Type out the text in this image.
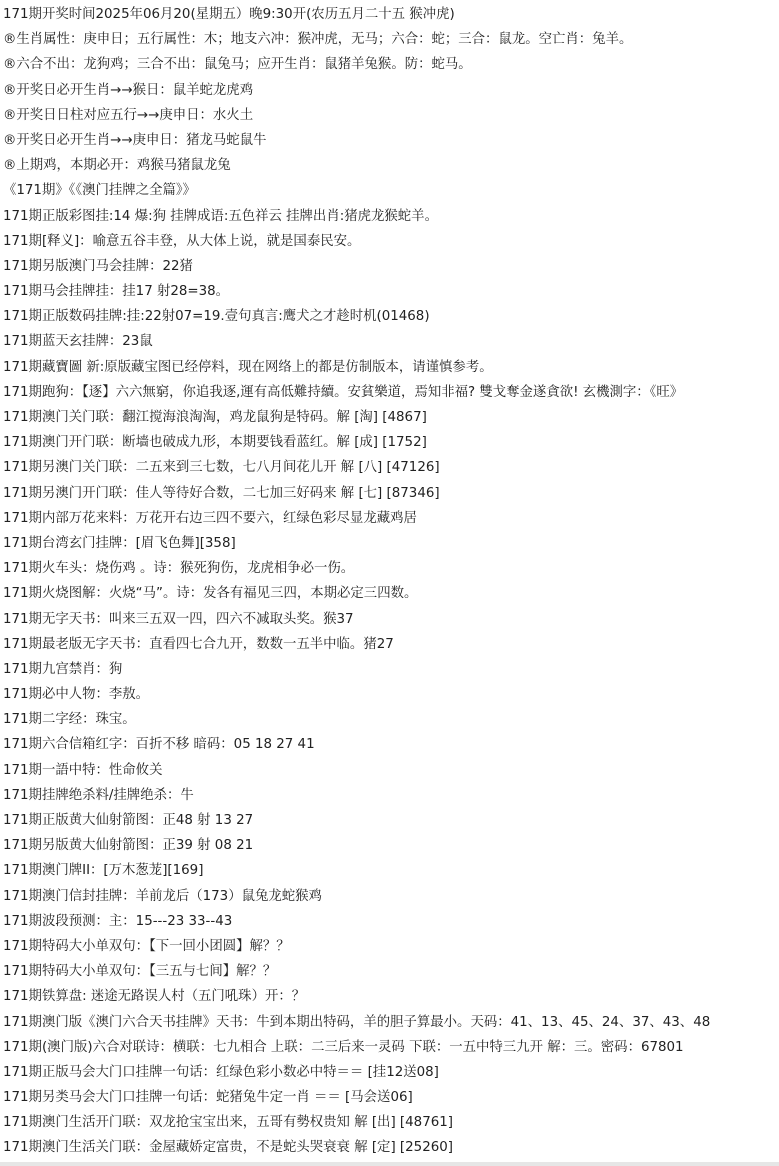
171期开奖时间2025年06月20(星期五）晚9:30开(农历五月二十五 猴冲虎)
®生肖属性：庚申日；五行属性：木；地支六冲：猴冲虎，无马；六合：蛇；三合：鼠龙。空亡肖：兔羊。
®六合不出：龙狗鸡；三合不出：鼠兔马；应开生肖：鼠猪羊兔猴。防：蛇马。
®开奖日必开生肖→→猴日：鼠羊蛇龙虎鸡
®开奖日日柱对应五行→→庚申日：水火土
®开奖日必开生肖→→庚申日：猪龙马蛇鼠牛
®上期鸡，本期必开：鸡猴马猪鼠龙兔
《171期》《《澳门挂牌之全篇》》
171期正版彩图挂:14 爆:狗 挂牌成语:五色祥云 挂牌出肖:猪虎龙猴蛇羊。
171期[释义]：喻意五谷丰登，从大体上说，就是国泰民安。
171期另版澳门马会挂牌：22猪
171期马会挂牌挂：挂17 射28=38。
171期正版数码挂牌:挂:22射07=19.壹句真言:鹰犬之才趁时机(01468)
171期蓝天玄挂牌：23鼠
171期藏寶圖 新:原版藏宝图已经停料，现在网络上的都是仿制版本，请谨慎参考。
171期跑狗：【逐】六六無窮，你追我逐,運有高低難持續。安貧樂道，焉知非福? 雙戈奪金遂貪欲! 玄機測字：《旺》
171期澳门关门联：翻江搅海浪淘淘，鸡龙鼠狗是特码。解 [淘] [4867]
171期澳门开门联：断墙也破成九形，本期要钱看蓝红。解 [成] [1752]
171期另澳门关门联：二五来到三七数，七八月间花儿开 解 [八] [47126]
171期另澳门开门联：佳人等待好合数，二七加三好码来 解 [七] [87346]
171期内部万花来料：万花开右边三四不要六，红绿色彩尽显龙藏鸡居
171期台湾玄门挂牌：[眉飞色舞][358]
171期火车头：烧伤鸡 。诗：猴死狗伤，龙虎相争必一伤。
171期火烧图解：火烧“马”。诗：发各有福见三四，本期必定三四数。
171期无字天书：叫来三五双一四，四六不减取头奖。猴37
171期最老版无字天书：直看四七合九开，数数一五半中临。猪27
171期九宫禁肖：狗
171期必中人物：李敖。
171期二字经：珠宝。
171期六合信箱红字：百折不移 暗码：05 18 27 41
171期一語中特：性命攸关
171期挂牌绝杀料/挂牌绝杀：牛
171期正版黄大仙射箭图：正48 射 13 27
171期另版黄大仙射箭图：正39 射 08 21
171期澳门牌II：[万木葱茏][169]
171期澳门信封挂牌：羊前龙后（173）鼠兔龙蛇猴鸡
171期波段预测：主：15---23 33--43
171期特码大小单双句：【下一回小团圆】解？？
171期特码大小单双句：【三五与七间】解？？
171期铁算盘: 迷途无路误人村（五门吼珠）开：？
171期澳门版《澳门六合天书挂牌》天书：牛到本期出特码，羊的胆子算最小。天码：41、13、45、24、37、43、48
171期(澳门版)六合对联诗：横联：七九相合 上联：二三后来一灵码 下联：一五中特三九开 解：三。密码：67801
171期正版马会大门口挂牌一句话：红绿色彩小数必中特＝＝ [挂12送08]
171期另类马会大门口挂牌一句话：蛇猪兔牛定一肖 ＝＝ [马会送06]
171期澳门生活开门联：双龙抢宝宝出来，五哥有勢权贵知 解 [出] [48761]
171期澳门生活关门联：金屋藏娇定富贵，不是蛇头哭衰衰 解 [定] [25260]
